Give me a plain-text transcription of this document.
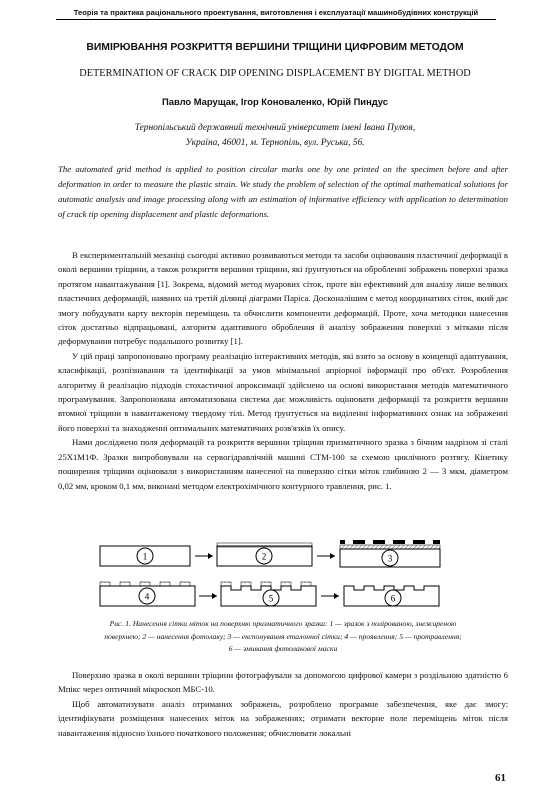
Теорія та практика раціонального проектування, виготовлення і експлуатації машинобудівних конструкцій
ВИМІРЮВАННЯ РОЗКРИТТЯ ВЕРШИНИ ТРІЩИНИ ЦИФРОВИМ МЕТОДОМ
DETERMINATION OF CRACK DIP OPENING DISPLACEMENT BY DIGITAL METHOD
Павло Марущак, Ігор Коноваленко, Юрій Пиндус
Тернопільський державний технічний університет імені Івана Пулюя,
Україна, 46001, м. Тернопіль, вул. Руська, 56.
The automated grid method is applied to position circular marks one by one printed on the specimen before and after deformation in order to measure the plastic strain. We study the problem of selection of the optimal mathematical solutions for automatic analysis and image processing along with an estimation of informative efficiency with application to determination of crack tip opening displacement and plastic deformations.

В експериментальній механіці сьогодні активно розвиваються методи та засоби оцінювання пластичної деформації в околі вершини тріщини, а також розкриття вершини тріщини, які ґрунтуються на обробленні зображень поверхні зразка протягом навантажування [1]. Зокрема, відомий метод муарових сіток, проте він ефективний для аналізу лише великих пластичних деформацій, наявних на третій ділянці діаграми Паріса. Досконалішим є метод координатних сіток, який дає змогу побудувати карту векторів переміщень та обчислити компоненти деформацій. Проте, хоча методики нанесення сіток достатньо відпрацьовані, алгоритм адаптивного оброблення й аналізу зображення поверхні з мітками після деформування потребує подальшого розвитку [1].

У цій праці запропоновано програму реалізацію інтерактивних методів, які взято за основу в концепції адаптування, класифікації, розпізнавання та ідентифікації за умов мінімальної апріорної інформації про об'єкт. Розроблення алгоритму й реалізацію підходів стохастичної апроксимації здійснено на основі використання методів математичного програмування. Запропонована автоматизована система дає можливість оцінювати деформації та розкриття вершини втомної тріщини в навантаженому твердому тілі. Метод ґрунтується на виділенні інформативних ознак на зображенні його поверхні та знаходженні оптимальних математичних розв'язків їх опису.

Нами досліджено поля деформацій та розкриття вершини тріщини призматичного зразка з бічним надрізом зі сталі 25Х1М1Ф. Зразки випробовували на сервогідравлічній машині СТМ-100 за схемою циклічного розтягу. Кінетику поширення тріщини оцінювали з використанням нанесеної на поверхню сітки міток глибиною 2 — 3 мкм, діаметром 0,02 мм, кроком 0,1 мм, виконані методом електрохімічного контурного травлення, рис. 1.

1	2	3
4	5	6
Рис. 1. Нанесення сітки міток на поверхню призматичного зразка: 1 — зразок з полірованою, знежиреною
поверхнею; 2 — нанесення фотолаку; 3 — експонування еталонної сітки; 4 — проявлення; 5 — протравлення;
6 — змивання фотолакової маски

Поверхню зразка в околі вершини тріщини фотографували за допомогою цифрової камери з роздільною здатністю 6 Мпікс через оптичний мікроскоп МБС-10.

Щоб автоматизувати аналіз отриманих зображень, розроблено програмне забезпечення, яке дає змогу: ідентифікувати розміщення нанесених міток на зображеннях; отримати векторне поле переміщень міток після навантаження відносно їхнього початкового положення; обчислювати локальні

61
